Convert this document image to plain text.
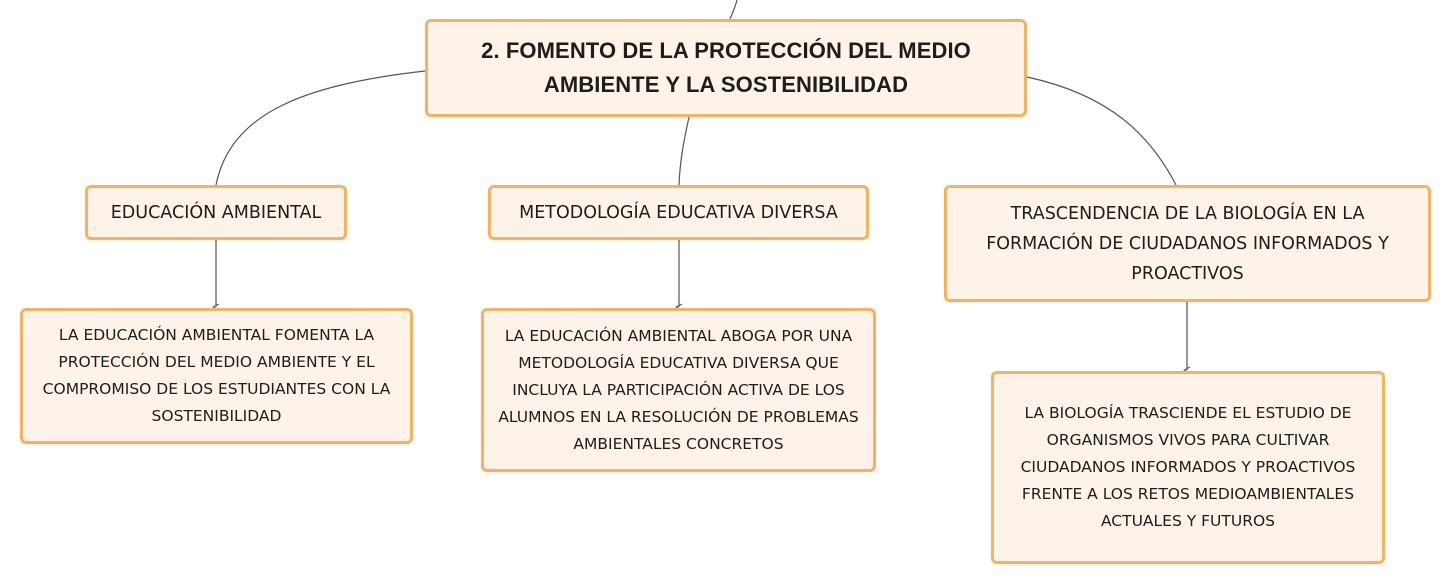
2. FOMENTO DE LA PROTECCIÓN DEL MEDIO AMBIENTE Y LA SOSTENIBILIDAD
EDUCACIÓN AMBIENTAL	METODOLOGÍA EDUCATIVA DIVERSA	TRASCENDENCIA DE LA BIOLOGÍA EN LA FORMACIÓN DE CIUDADANOS INFORMADOS Y PROACTIVOS
LA EDUCACIÓN AMBIENTAL FOMENTA LA PROTECCIÓN DEL MEDIO AMBIENTE Y EL COMPROMISO DE LOS ESTUDIANTES CON LA SOSTENIBILIDAD
LA EDUCACIÓN AMBIENTAL ABOGA POR UNA METODOLOGÍA EDUCATIVA DIVERSA QUE INCLUYA LA PARTICIPACIÓN ACTIVA DE LOS ALUMNOS EN LA RESOLUCIÓN DE PROBLEMAS AMBIENTALES CONCRETOS
LA BIOLOGÍA TRASCIENDE EL ESTUDIO DE ORGANISMOS VIVOS PARA CULTIVAR CIUDADANOS INFORMADOS Y PROACTIVOS FRENTE A LOS RETOS MEDIOAMBIENTALES ACTUALES Y FUTUROS
